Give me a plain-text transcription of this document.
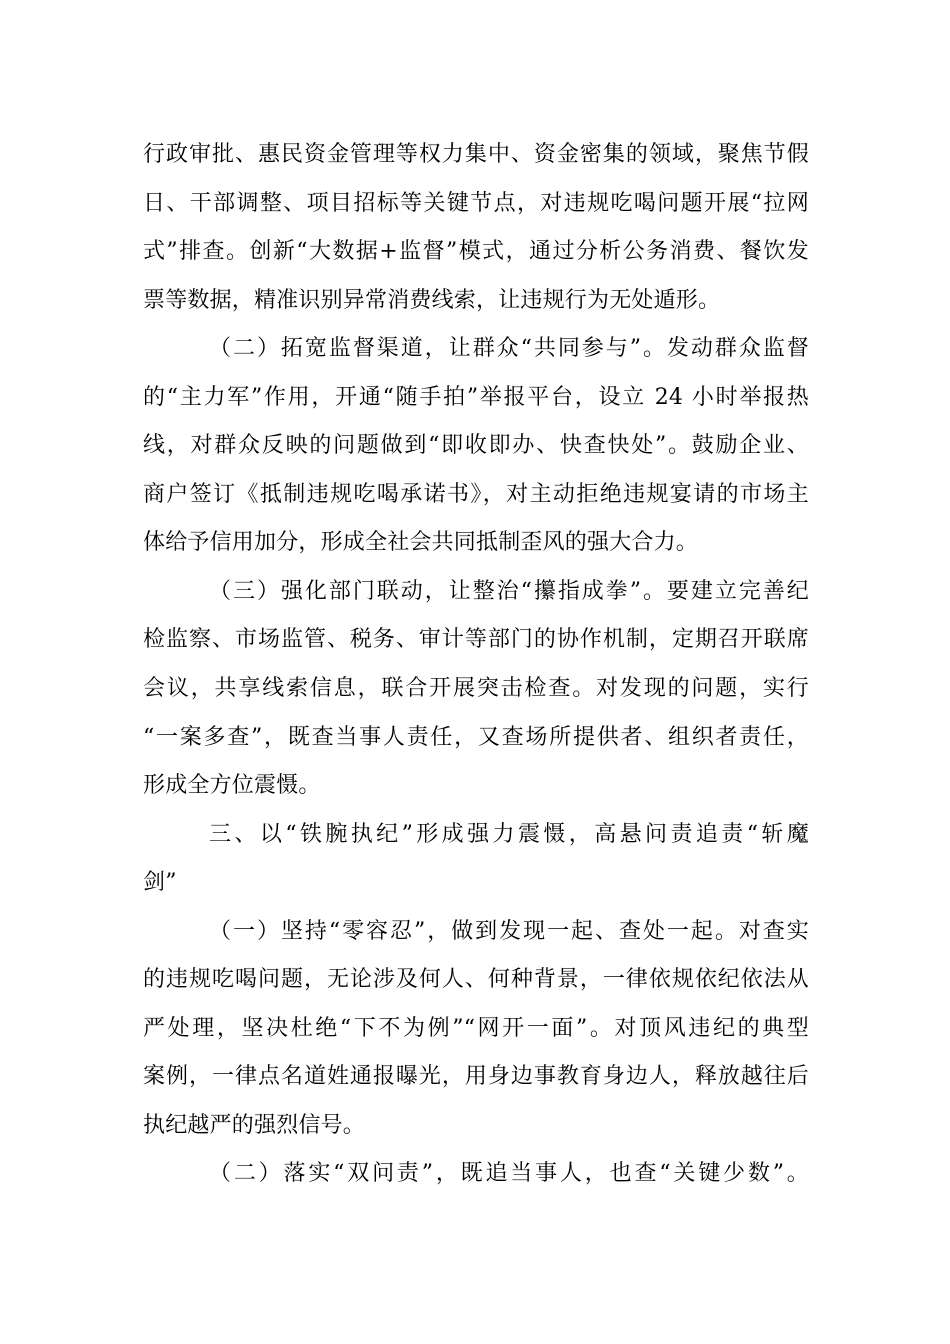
行政审批、惠民资金管理等权力集中、资金密集的领域，聚焦节假
日、干部调整、项目招标等关键节点，对违规吃喝问题开展“拉网
式”排查。创新“大数据+监督”模式，通过分析公务消费、餐饮发
票等数据，精准识别异常消费线索，让违规行为无处遁形。
（二）拓宽监督渠道，让群众“共同参与”。发动群众监督
的“主力军”作用，开通“随手拍”举报平台，设立 24 小时举报热
线，对群众反映的问题做到“即收即办、快查快处”。鼓励企业、
商户签订《抵制违规吃喝承诺书》，对主动拒绝违规宴请的市场主
体给予信用加分，形成全社会共同抵制歪风的强大合力。
（三）强化部门联动，让整治“攥指成拳”。要建立完善纪
检监察、市场监管、税务、审计等部门的协作机制，定期召开联席
会议，共享线索信息，联合开展突击检查。对发现的问题，实行
“一案多查”，既查当事人责任，又查场所提供者、组织者责任，
形成全方位震慑。
三、以“铁腕执纪”形成强力震慑，高悬问责追责“斩魔
剑”
（一）坚持“零容忍”，做到发现一起、查处一起。对查实
的违规吃喝问题，无论涉及何人、何种背景，一律依规依纪依法从
严处理，坚决杜绝“下不为例”“网开一面”。对顶风违纪的典型
案例，一律点名道姓通报曝光，用身边事教育身边人，释放越往后
执纪越严的强烈信号。
（二）落实“双问责”，既追当事人，也查“关键少数”。
